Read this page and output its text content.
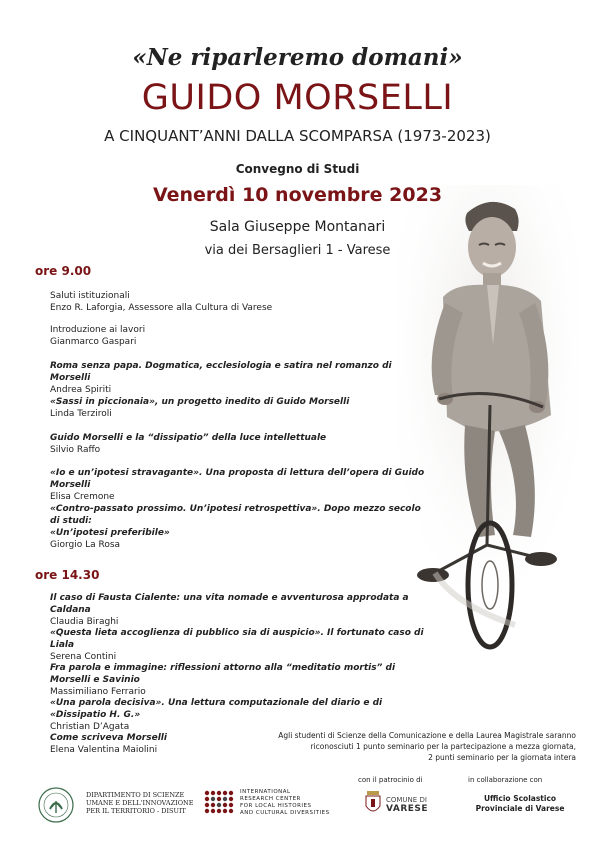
«Ne riparleremo domani»
GUIDO MORSELLI
A CINQUANT’ANNI DALLA SCOMPARSA (1973-2023)
Convegno di Studi
Venerdì 10 novembre 2023
Sala Giuseppe Montanari
via dei Bersaglieri 1 - Varese
ore 9.00
Saluti istituzionali
Enzo R. Laforgia, Assessore alla Cultura di Varese
Introduzione ai lavori
Gianmarco Gaspari
Roma senza papa. Dogmatica, ecclesiologia e satira nel romanzo di Morselli
Andrea Spiriti
«Sassi in piccionaia», un progetto inedito di Guido Morselli
Linda Terziroli
Guido Morselli e la “dissipatio” della luce intellettuale
Silvio Raffo
«Io e un’ipotesi stravagante». Una proposta di lettura dell’opera di Guido Morselli
Elisa Cremone
«Contro-passato prossimo. Un’ipotesi retrospettiva». Dopo mezzo secolo di studi:
«Un’ipotesi preferibile»
Giorgio La Rosa
ore 14.30
Il caso di Fausta Cialente: una vita nomade e avventurosa approdata a Caldana
Claudia Biraghi
«Questa lieta accoglienza di pubblico sia di auspicio». Il fortunato caso di Liala
Serena Contini
Fra parola e immagine: riflessioni attorno alla “meditatio mortis” di Morselli e Savinio
Massimiliano Ferrario
«Una parola decisiva». Una lettura computazionale del diario e di «Dissipatio H. G.»
Christian D’Agata
Come scriveva Morselli
Elena Valentina Maiolini
Agli studenti di Scienze della Comunicazione e della Laurea Magistrale saranno
riconosciuti 1 punto seminario per la partecipazione a mezza giornata,
2 punti seminario per la giornata intera
DIPARTIMENTO DI SCIENZE
UMANE E DELL'INNOVAZIONE
PER IL TERRITORIO - DISUIT
INTERNATIONAL
RESEARCH CENTER
FOR LOCAL HISTORIES
AND CULTURAL DIVERSITIES
con il patrocinio di
COMUNE DI
VARESE
in collaborazione con
Ufficio Scolastico
Provinciale di Varese
